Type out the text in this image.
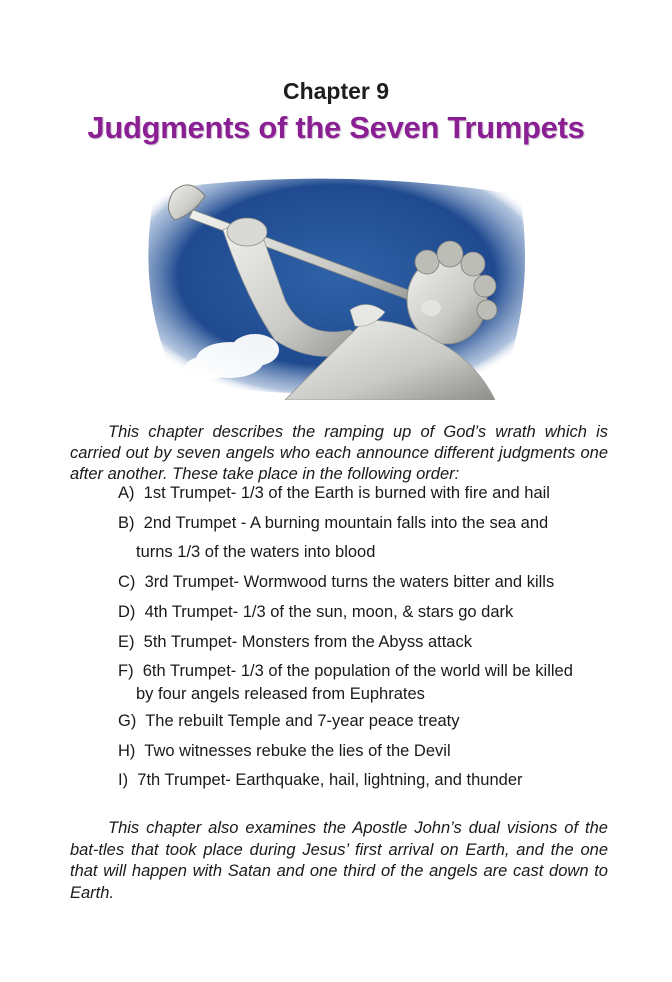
Chapter 9
Judgments of the Seven Trumpets

This chapter describes the ramping up of God’s wrath which is carried out by seven angels who each announce different judgments one after another. These take place in the following order:

A) 1st Trumpet- 1/3 of the Earth is burned with fire and hail
B) 2nd Trumpet - A burning mountain falls into the sea and
turns 1/3 of the waters into blood
C) 3rd Trumpet- Wormwood turns the waters bitter and kills
D) 4th Trumpet- 1/3 of the sun, moon, & stars go dark
E) 5th Trumpet- Monsters from the Abyss attack
F) 6th Trumpet- 1/3 of the population of the world will be killed
by four angels released from Euphrates
G) The rebuilt Temple and 7-year peace treaty
H) Two witnesses rebuke the lies of the Devil
I) 7th Trumpet- Earthquake, hail, lightning, and thunder

This chapter also examines the Apostle John’s dual visions of the bat-tles that took place during Jesus’ first arrival on Earth, and the one that will happen with Satan and one third of the angels are cast down to Earth.
